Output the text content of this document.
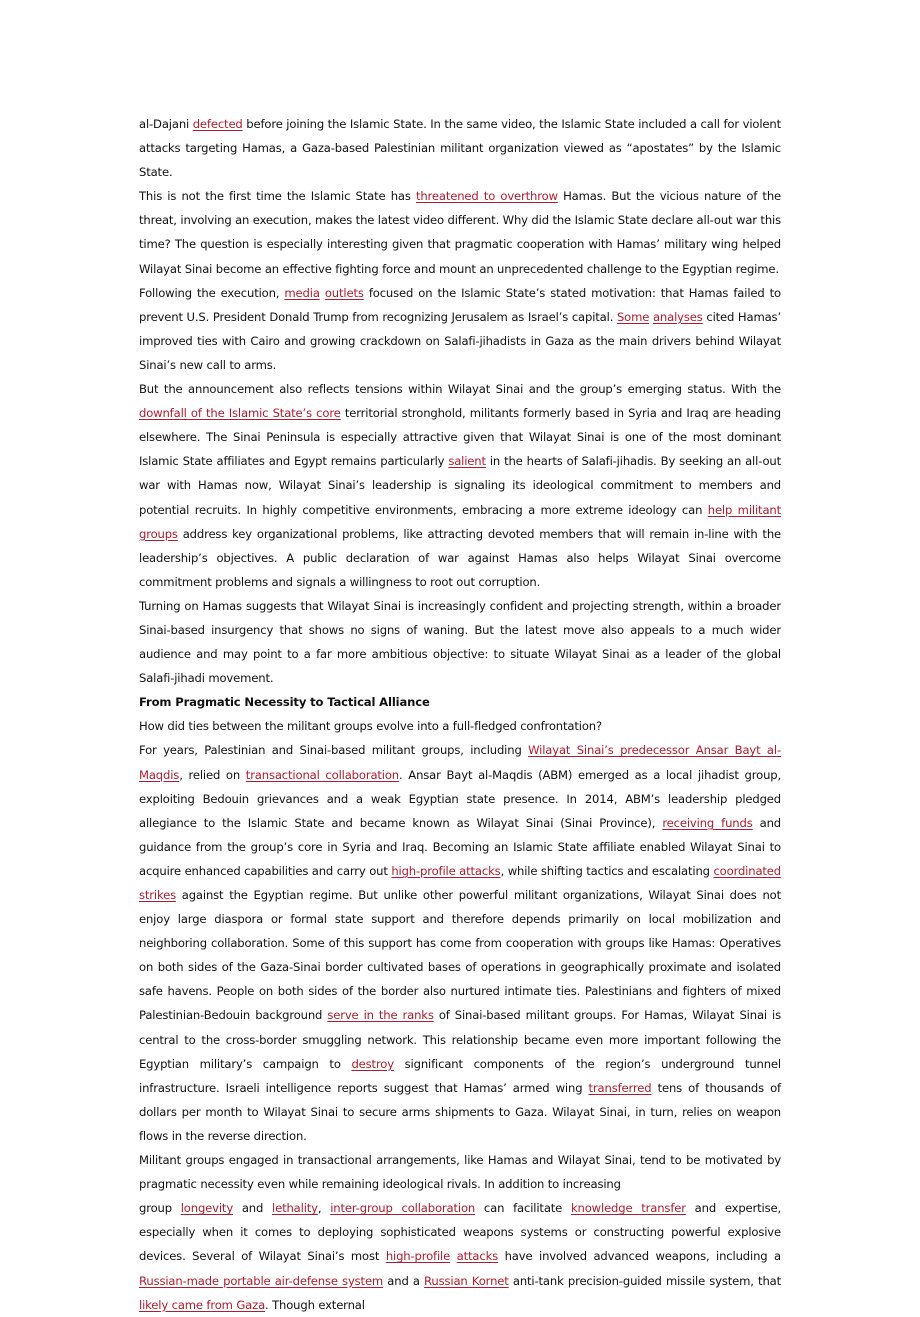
al-Dajani defected before joining the Islamic State. In the same video, the Islamic State included a call for violent attacks targeting Hamas, a Gaza-based Palestinian militant organization viewed as “apostates” by the Islamic State.

This is not the first time the Islamic State has threatened to overthrow Hamas. But the vicious nature of the threat, involving an execution, makes the latest video different. Why did the Islamic State declare all-out war this time? The question is especially interesting given that pragmatic cooperation with Hamas’ military wing helped Wilayat Sinai become an effective fighting force and mount an unprecedented challenge to the Egyptian regime.

Following the execution, media outlets focused on the Islamic State’s stated motivation: that Hamas failed to prevent U.S. President Donald Trump from recognizing Jerusalem as Israel’s capital. Some analyses cited Hamas’ improved ties with Cairo and growing crackdown on Salafi-jihadists in Gaza as the main drivers behind Wilayat Sinai’s new call to arms.

But the announcement also reflects tensions within Wilayat Sinai and the group’s emerging status. With the downfall of the Islamic State’s core territorial stronghold, militants formerly based in Syria and Iraq are heading elsewhere. The Sinai Peninsula is especially attractive given that Wilayat Sinai is one of the most dominant Islamic State affiliates and Egypt remains particularly salient in the hearts of Salafi-jihadis. By seeking an all-out war with Hamas now, Wilayat Sinai’s leadership is signaling its ideological commitment to members and potential recruits. In highly competitive environments, embracing a more extreme ideology can help militant groups address key organizational problems, like attracting devoted members that will remain in-line with the leadership’s objectives. A public declaration of war against Hamas also helps Wilayat Sinai overcome commitment problems and signals a willingness to root out corruption.

Turning on Hamas suggests that Wilayat Sinai is increasingly confident and projecting strength, within a broader Sinai-based insurgency that shows no signs of waning. But the latest move also appeals to a much wider audience and may point to a far more ambitious objective: to situate Wilayat Sinai as a leader of the global Salafi-jihadi movement.

From Pragmatic Necessity to Tactical Alliance

How did ties between the militant groups evolve into a full-fledged confrontation?

For years, Palestinian and Sinai-based militant groups, including Wilayat Sinai’s predecessor Ansar Bayt al-Maqdis, relied on transactional collaboration. Ansar Bayt al-Maqdis (ABM) emerged as a local jihadist group, exploiting Bedouin grievances and a weak Egyptian state presence. In 2014, ABM’s leadership pledged allegiance to the Islamic State and became known as Wilayat Sinai (Sinai Province), receiving funds and guidance from the group’s core in Syria and Iraq. Becoming an Islamic State affiliate enabled Wilayat Sinai to acquire enhanced capabilities and carry out high-profile attacks, while shifting tactics and escalating coordinated strikes against the Egyptian regime. But unlike other powerful militant organizations, Wilayat Sinai does not enjoy large diaspora or formal state support and therefore depends primarily on local mobilization and neighboring collaboration. Some of this support has come from cooperation with groups like Hamas: Operatives on both sides of the Gaza-Sinai border cultivated bases of operations in geographically proximate and isolated safe havens. People on both sides of the border also nurtured intimate ties. Palestinians and fighters of mixed Palestinian-Bedouin background serve in the ranks of Sinai-based militant groups. For Hamas, Wilayat Sinai is central to the cross-border smuggling network. This relationship became even more important following the Egyptian military’s campaign to destroy significant components of the region’s underground tunnel infrastructure. Israeli intelligence reports suggest that Hamas’ armed wing transferred tens of thousands of dollars per month to Wilayat Sinai to secure arms shipments to Gaza. Wilayat Sinai, in turn, relies on weapon flows in the reverse direction.

Militant groups engaged in transactional arrangements, like Hamas and Wilayat Sinai, tend to be motivated by pragmatic necessity even while remaining ideological rivals. In addition to increasing

group longevity and lethality, inter-group collaboration can facilitate knowledge transfer and expertise, especially when it comes to deploying sophisticated weapons systems or constructing powerful explosive devices. Several of Wilayat Sinai’s most high-profile attacks have involved advanced weapons, including a Russian-made portable air-defense system and a Russian Kornet anti-tank precision-guided missile system, that likely came from Gaza. Though external
